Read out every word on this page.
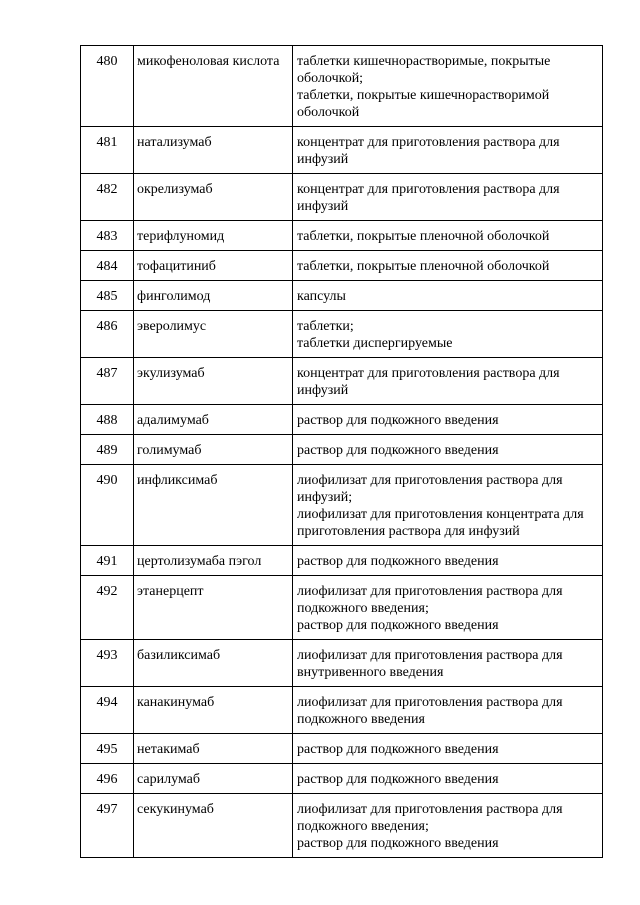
480	микофеноловая кислота	таблетки кишечнорастворимые, покрытые оболочкой;
таблетки, покрытые кишечнорастворимой оболочкой

481	натализумаб	концентрат для приготовления раствора для инфузий

482	окрелизумаб	концентрат для приготовления раствора для инфузий

483	терифлуномид	таблетки, покрытые пленочной оболочкой

484	тофацитиниб	таблетки, покрытые пленочной оболочкой

485	финголимод	капсулы

486	эверолимус	таблетки;
таблетки диспергируемые

487	экулизумаб	концентрат для приготовления раствора для инфузий

488	адалимумаб	раствор для подкожного введения

489	голимумаб	раствор для подкожного введения

490	инфликсимаб	лиофилизат для приготовления раствора для инфузий;
лиофилизат для приготовления концентрата для приготовления раствора для инфузий

491	цертолизумаба пэгол	раствор для подкожного введения

492	этанерцепт	лиофилизат для приготовления раствора для подкожного введения;
раствор для подкожного введения

493	базиликсимаб	лиофилизат для приготовления раствора для внутривенного введения

494	канакинумаб	лиофилизат для приготовления раствора для подкожного введения

495	нетакимаб	раствор для подкожного введения

496	сарилумаб	раствор для подкожного введения

497	секукинумаб	лиофилизат для приготовления раствора для подкожного введения;
раствор для подкожного введения
